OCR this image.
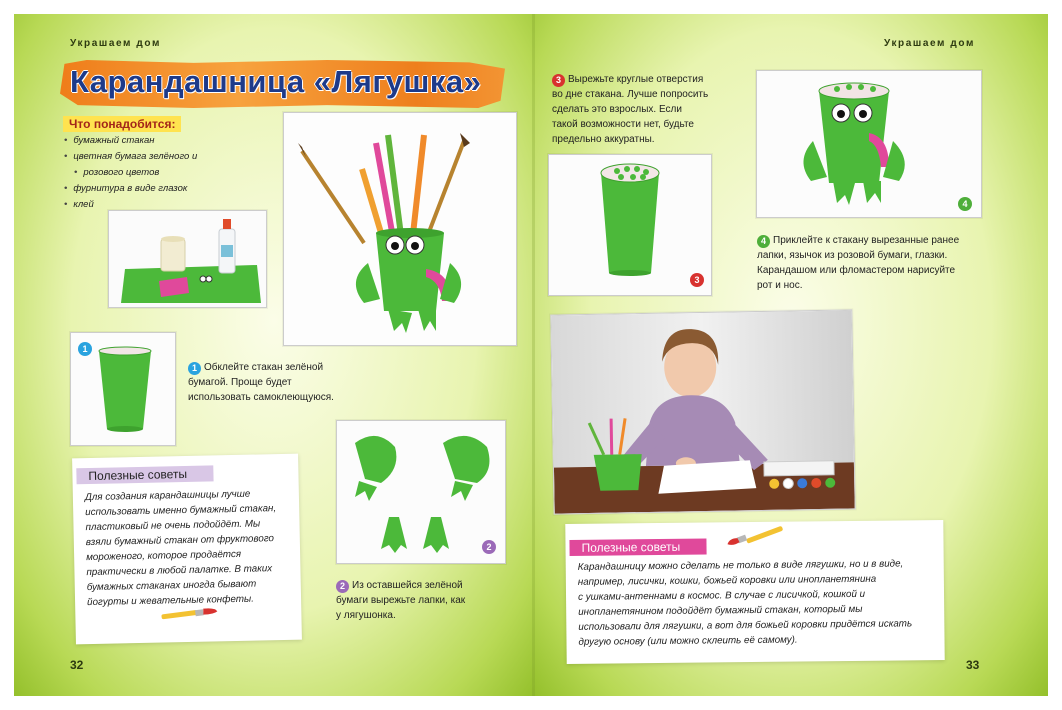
Украшаем дом	Украшаем дом
Карандашница «Лягушка»
Что понадобится:
• бумажный стакан
• цветная бумага зелёного и
• розового цветов
• фурнитура в виде глазок
• клей
1
1 Обклейте стакан зелёной
бумагой. Проще будет
использовать самоклеющуюся.
2
2 Из оставшейся зелёной
бумаги вырежьте лапки, как
у лягушонка.
Полезные советы
Для создания карандашницы лучше
использовать именно бумажный стакан,
пластиковый не очень подойдёт. Мы
взяли бумажный стакан от фруктового
мороженого, которое продаётся
практически в любой палатке. В таких
бумажных стаканах иногда бывают
йогурты и жевательные конфеты.
32	33
3 Вырежьте круглые отверстия
во дне стакана. Лучше попросить
сделать это взрослых. Если
такой возможности нет, будьте
предельно аккуратны.
3
4
4 Приклейте к стакану вырезанные ранее
лапки, язычок из розовой бумаги, глазки.
Карандашом или фломастером нарисуйте
рот и нос.
Полезные советы
Карандашницу можно сделать не только в виде лягушки, но и в виде,
например, лисички, кошки, божьей коровки или инопланетянина
с ушками-антеннами в космос. В случае с лисичкой, кошкой и
инопланетянином подойдёт бумажный стакан, который мы
использовали для лягушки, а вот для божьей коровки придётся искать
другую основу (или можно склеить её самому).
